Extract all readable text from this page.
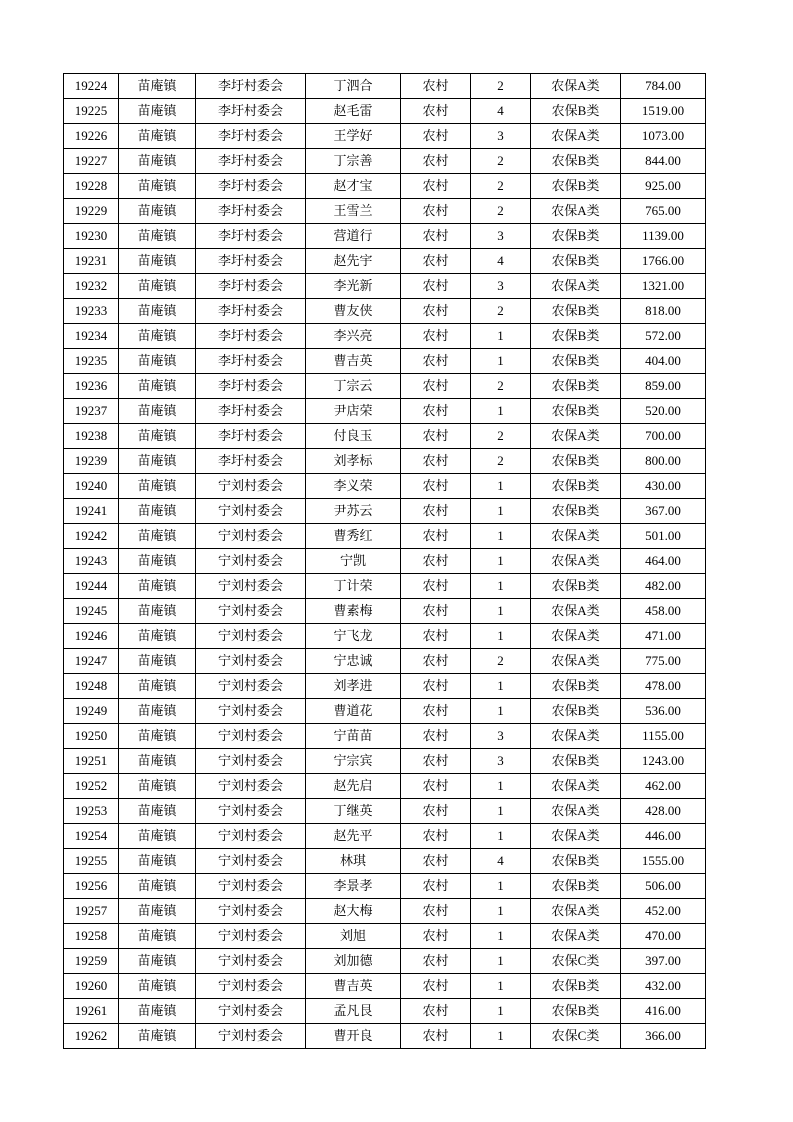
19224	苗庵镇	李圩村委会	丁泗合	农村	2	农保A类	784.00
19225	苗庵镇	李圩村委会	赵毛雷	农村	4	农保B类	1519.00
19226	苗庵镇	李圩村委会	王学好	农村	3	农保A类	1073.00
19227	苗庵镇	李圩村委会	丁宗善	农村	2	农保B类	844.00
19228	苗庵镇	李圩村委会	赵才宝	农村	2	农保B类	925.00
19229	苗庵镇	李圩村委会	王雪兰	农村	2	农保A类	765.00
19230	苗庵镇	李圩村委会	营道行	农村	3	农保B类	1139.00
19231	苗庵镇	李圩村委会	赵先宇	农村	4	农保B类	1766.00
19232	苗庵镇	李圩村委会	李光新	农村	3	农保A类	1321.00
19233	苗庵镇	李圩村委会	曹友侠	农村	2	农保B类	818.00
19234	苗庵镇	李圩村委会	李兴亮	农村	1	农保B类	572.00
19235	苗庵镇	李圩村委会	曹吉英	农村	1	农保B类	404.00
19236	苗庵镇	李圩村委会	丁宗云	农村	2	农保B类	859.00
19237	苗庵镇	李圩村委会	尹店荣	农村	1	农保B类	520.00
19238	苗庵镇	李圩村委会	付良玉	农村	2	农保A类	700.00
19239	苗庵镇	李圩村委会	刘孝标	农村	2	农保B类	800.00
19240	苗庵镇	宁刘村委会	李义荣	农村	1	农保B类	430.00
19241	苗庵镇	宁刘村委会	尹苏云	农村	1	农保B类	367.00
19242	苗庵镇	宁刘村委会	曹秀红	农村	1	农保A类	501.00
19243	苗庵镇	宁刘村委会	宁凯	农村	1	农保A类	464.00
19244	苗庵镇	宁刘村委会	丁计荣	农村	1	农保B类	482.00
19245	苗庵镇	宁刘村委会	曹素梅	农村	1	农保A类	458.00
19246	苗庵镇	宁刘村委会	宁飞龙	农村	1	农保A类	471.00
19247	苗庵镇	宁刘村委会	宁忠诚	农村	2	农保A类	775.00
19248	苗庵镇	宁刘村委会	刘孝进	农村	1	农保B类	478.00
19249	苗庵镇	宁刘村委会	曹道花	农村	1	农保B类	536.00
19250	苗庵镇	宁刘村委会	宁苗苗	农村	3	农保A类	1155.00
19251	苗庵镇	宁刘村委会	宁宗宾	农村	3	农保B类	1243.00
19252	苗庵镇	宁刘村委会	赵先启	农村	1	农保A类	462.00
19253	苗庵镇	宁刘村委会	丁继英	农村	1	农保A类	428.00
19254	苗庵镇	宁刘村委会	赵先平	农村	1	农保A类	446.00
19255	苗庵镇	宁刘村委会	林琪	农村	4	农保B类	1555.00
19256	苗庵镇	宁刘村委会	李景孝	农村	1	农保B类	506.00
19257	苗庵镇	宁刘村委会	赵大梅	农村	1	农保A类	452.00
19258	苗庵镇	宁刘村委会	刘旭	农村	1	农保A类	470.00
19259	苗庵镇	宁刘村委会	刘加德	农村	1	农保C类	397.00
19260	苗庵镇	宁刘村委会	曹吉英	农村	1	农保B类	432.00
19261	苗庵镇	宁刘村委会	孟凡艮	农村	1	农保B类	416.00
19262	苗庵镇	宁刘村委会	曹开良	农村	1	农保C类	366.00
